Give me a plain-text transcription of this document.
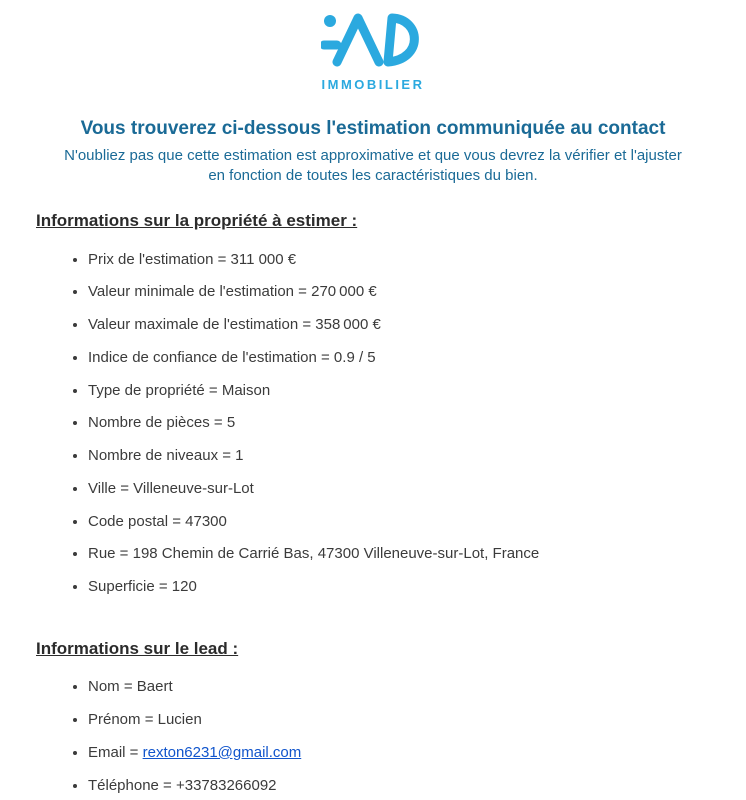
IMMOBILIER
Vous trouverez ci-dessous l'estimation communiquée au contact
N'oubliez pas que cette estimation est approximative et que vous devrez la vérifier et l'ajuster en fonction de toutes les caractéristiques du bien.
Informations sur la propriété à estimer :
• Prix de l'estimation = 311 000 €
• Valeur minimale de l'estimation = 270 000 €
• Valeur maximale de l'estimation = 358 000 €
• Indice de confiance de l'estimation = 0.9 / 5
• Type de propriété = Maison
• Nombre de pièces = 5
• Nombre de niveaux = 1
• Ville = Villeneuve-sur-Lot
• Code postal = 47300
• Rue = 198 Chemin de Carrié Bas, 47300 Villeneuve-sur-Lot, France
• Superficie = 120
Informations sur le lead :
• Nom = Baert
• Prénom = Lucien
• Email = rexton6231@gmail.com
• Téléphone = +33783266092
